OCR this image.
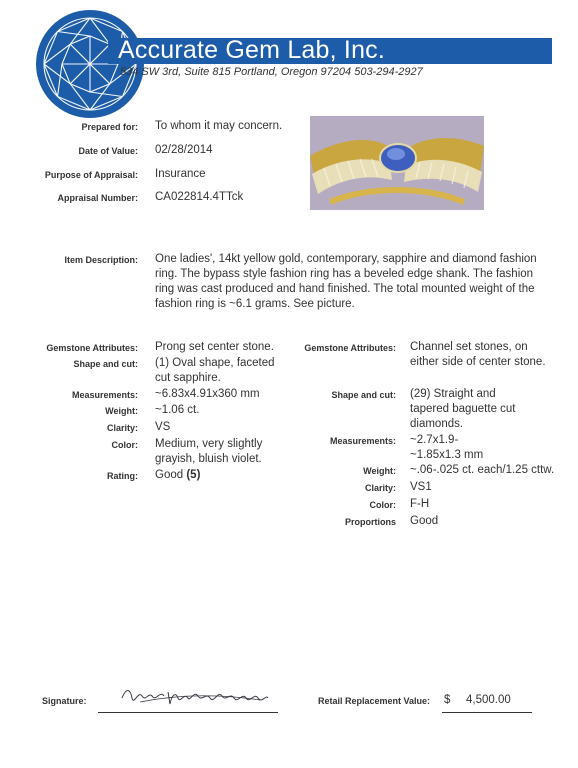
Accurate Gem Lab, Inc.
534 SW 3rd, Suite 815 Portland, Oregon 97204 503-294-2927
Prepared for: To whom it may concern.
Date of Value: 02/28/2014
Purpose of Appraisal: Insurance
Appraisal Number: CA022814.4TTck
Item Description: One ladies', 14kt yellow gold, contemporary, sapphire and diamond fashion ring. The bypass style fashion ring has a beveled edge shank. The fashion ring was cast produced and hand finished. The total mounted weight of the fashion ring is ~6.1 grams. See picture.
Gemstone Attributes: Prong set center stone.
Shape and cut: (1) Oval shape, faceted cut sapphire.
Measurements: ~6.83x4.91x360 mm
Weight: ~1.06 ct.
Clarity: VS
Color: Medium, very slightly grayish, bluish violet.
Rating: Good (5)
Gemstone Attributes: Channel set stones, on either side of center stone.
Shape and cut: (29) Straight and tapered baguette cut diamonds.
Measurements: ~2.7x1.9-~1.85x1.3 mm
Weight: ~.06-.025 ct. each/1.25 cttw.
Clarity: VS1
Color: F-H
Proportions Good
Signature:	Retail Replacement Value: $ 4,500.00
